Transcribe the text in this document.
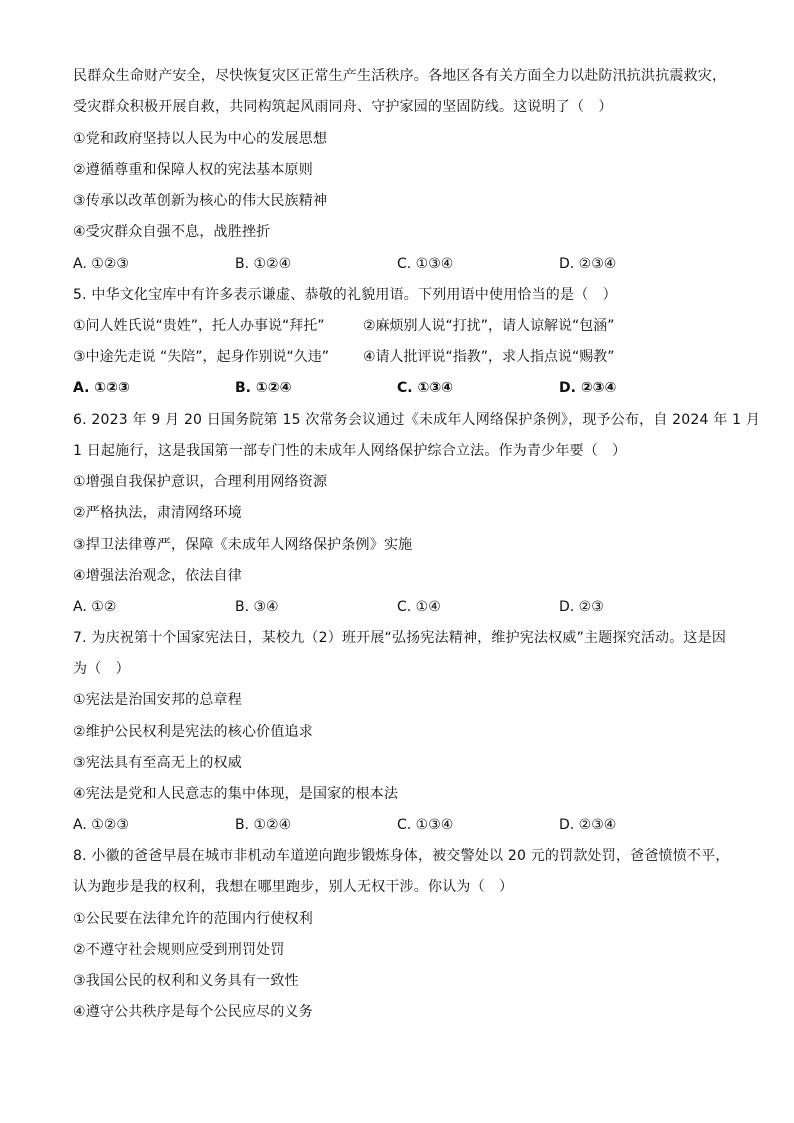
民群众生命财产安全，尽快恢复灾区正常生产生活秩序。各地区各有关方面全力以赴防汛抗洪抗震救灾，
受灾群众积极开展自救，共同构筑起风雨同舟、守护家园的坚固防线。这说明了（　）
①党和政府坚持以人民为中心的发展思想
②遵循尊重和保障人权的宪法基本原则
③传承以改革创新为核心的伟大民族精神
④受灾群众自强不息，战胜挫折
A. ①②③	B. ①②④	C. ①③④	D. ②③④
5. 中华文化宝库中有许多表示谦虚、恭敬的礼貌用语。下列用语中使用恰当的是（　）
①问人姓氏说“贵姓”，托人办事说“拜托”	②麻烦别人说“打扰”，请人谅解说“包涵”
③中途先走说 “失陪”，起身作别说“久违” ④请人批评说“指教”，求人指点说“赐教”
A. ①②③	B. ①②④	C. ①③④	D. ②③④
6. 2023 年 9 月 20 日国务院第 15 次常务会议通过《未成年人网络保护条例》，现予公布，自 2024 年 1 月
1 日起施行，这是我国第一部专门性的未成年人网络保护综合立法。作为青少年要（　）
①增强自我保护意识，合理利用网络资源
②严格执法，肃清网络环境
③捍卫法律尊严，保障《未成年人网络保护条例》实施
④增强法治观念，依法自律
A. ①②	B. ③④	C. ①④	D. ②③
7. 为庆祝第十个国家宪法日，某校九（2）班开展“弘扬宪法精神，维护宪法权威”主题探究活动。这是因
为（　）
①宪法是治国安邦的总章程
②维护公民权利是宪法的核心价值追求
③宪法具有至高无上的权威
④宪法是党和人民意志的集中体现，是国家的根本法
A. ①②③	B. ①②④	C. ①③④	D. ②③④
8. 小徽的爸爸早晨在城市非机动车道逆向跑步锻炼身体，被交警处以 20 元的罚款处罚，爸爸愤愤不平，
认为跑步是我的权利，我想在哪里跑步，别人无权干涉。你认为（　）
①公民要在法律允许的范围内行使权利
②不遵守社会规则应受到刑罚处罚
③我国公民的权利和义务具有一致性
④遵守公共秩序是每个公民应尽的义务
